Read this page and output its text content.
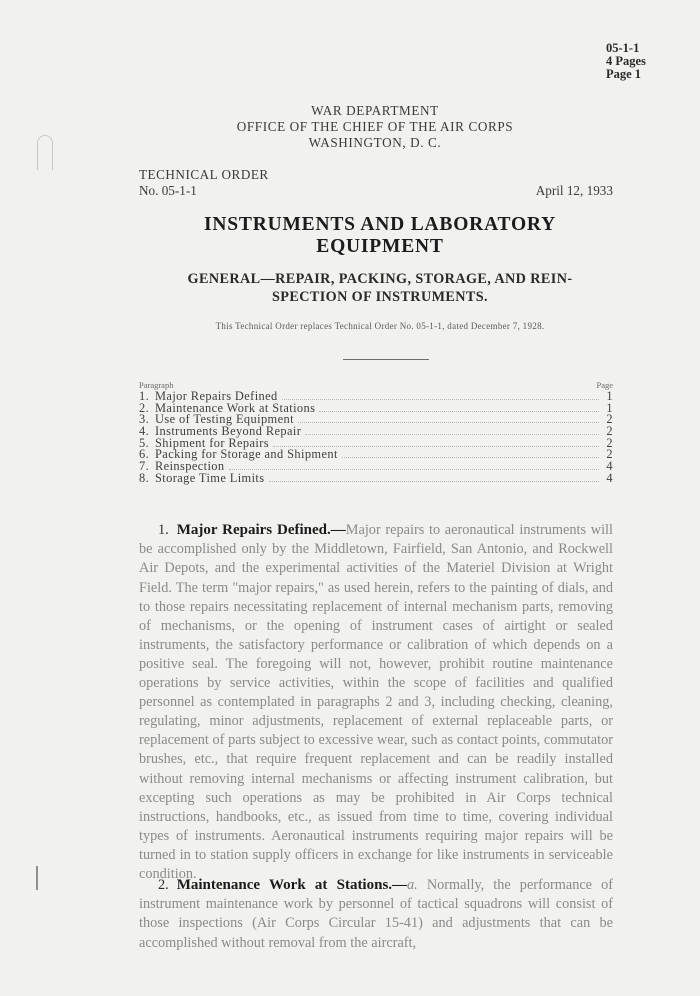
05-1-1
4 Pages
Page 1
WAR DEPARTMENT
OFFICE OF THE CHIEF OF THE AIR CORPS
WASHINGTON, D. C.
TECHNICAL ORDER
No. 05-1-1	April 12, 1933
INSTRUMENTS AND LABORATORY
EQUIPMENT
GENERAL—REPAIR, PACKING, STORAGE, AND REIN-
SPECTION OF INSTRUMENTS.
This Technical Order replaces Technical Order No. 05-1-1, dated December 7, 1928.
Paragraph	Page
1. Major Repairs Defined	1
2. Maintenance Work at Stations	1
3. Use of Testing Equipment	2
4. Instruments Beyond Repair	2
5. Shipment for Repairs	2
6. Packing for Storage and Shipment	2
7. Reinspection	4
8. Storage Time Limits	4

1. Major Repairs Defined.—Major repairs to aeronautical instruments will be accomplished only by the Middletown, Fairfield, San Antonio, and Rockwell Air Depots, and the experimental activities of the Materiel Division at Wright Field. The term "major repairs," as used herein, refers to the painting of dials, and to those repairs necessitating replacement of internal mechanism parts, removing of mechanisms, or the opening of instrument cases of airtight or sealed instruments, the satisfactory performance or calibration of which depends on a positive seal. The foregoing will not, however, prohibit routine maintenance operations by service activities, within the scope of facilities and qualified personnel as contemplated in paragraphs 2 and 3, including checking, cleaning, regulating, minor adjustments, replacement of external replaceable parts, or replacement of parts subject to excessive wear, such as contact points, commutator brushes, etc., that require frequent replacement and can be readily installed without removing internal mechanisms or affecting instrument calibration, but excepting such operations as may be prohibited in Air Corps technical instructions, handbooks, etc., as issued from time to time, covering individual types of instruments. Aeronautical instruments requiring major repairs will be turned in to station supply officers in exchange for like instruments in serviceable condition.

2. Maintenance Work at Stations.—a. Normally, the performance of instrument maintenance work by personnel of tactical squadrons will consist of those inspections (Air Corps Circular 15-41) and adjustments that can be accomplished without removal from the aircraft,
